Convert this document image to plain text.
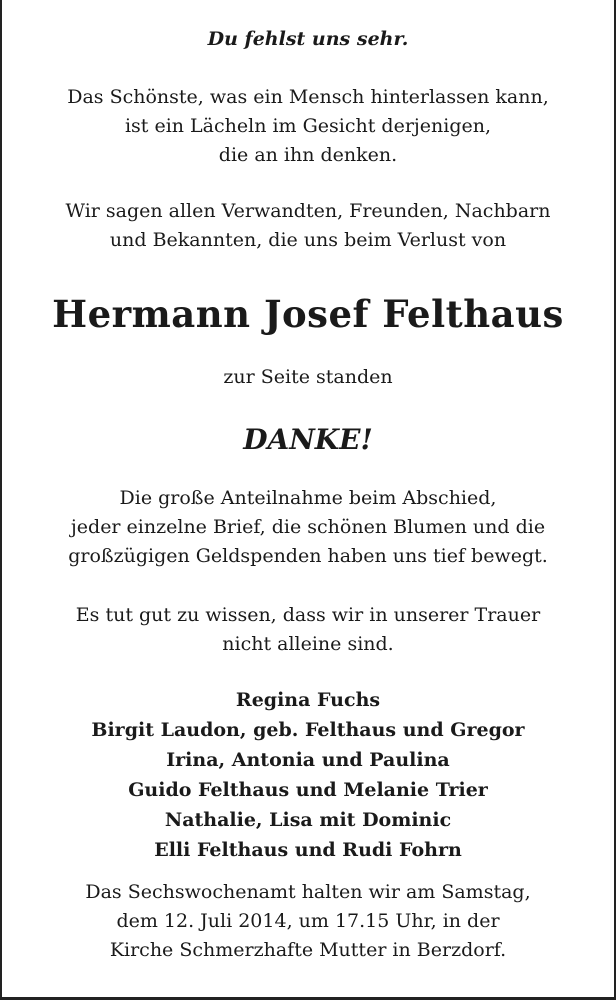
Du fehlst uns sehr.
Das Schönste, was ein Mensch hinterlassen kann,
ist ein Lächeln im Gesicht derjenigen,
die an ihn denken.
Wir sagen allen Verwandten, Freunden, Nachbarn
und Bekannten, die uns beim Verlust von
Hermann Josef Felthaus
zur Seite standen
DANKE!
Die große Anteilnahme beim Abschied,
jeder einzelne Brief, die schönen Blumen und die
großzügigen Geldspenden haben uns tief bewegt.
Es tut gut zu wissen, dass wir in unserer Trauer
nicht alleine sind.
Regina Fuchs
Birgit Laudon, geb. Felthaus und Gregor
Irina, Antonia und Paulina
Guido Felthaus und Melanie Trier
Nathalie, Lisa mit Dominic
Elli Felthaus und Rudi Fohrn
Das Sechswochenamt halten wir am Samstag,
dem 12. Juli 2014, um 17.15 Uhr, in der
Kirche Schmerzhafte Mutter in Berzdorf.
